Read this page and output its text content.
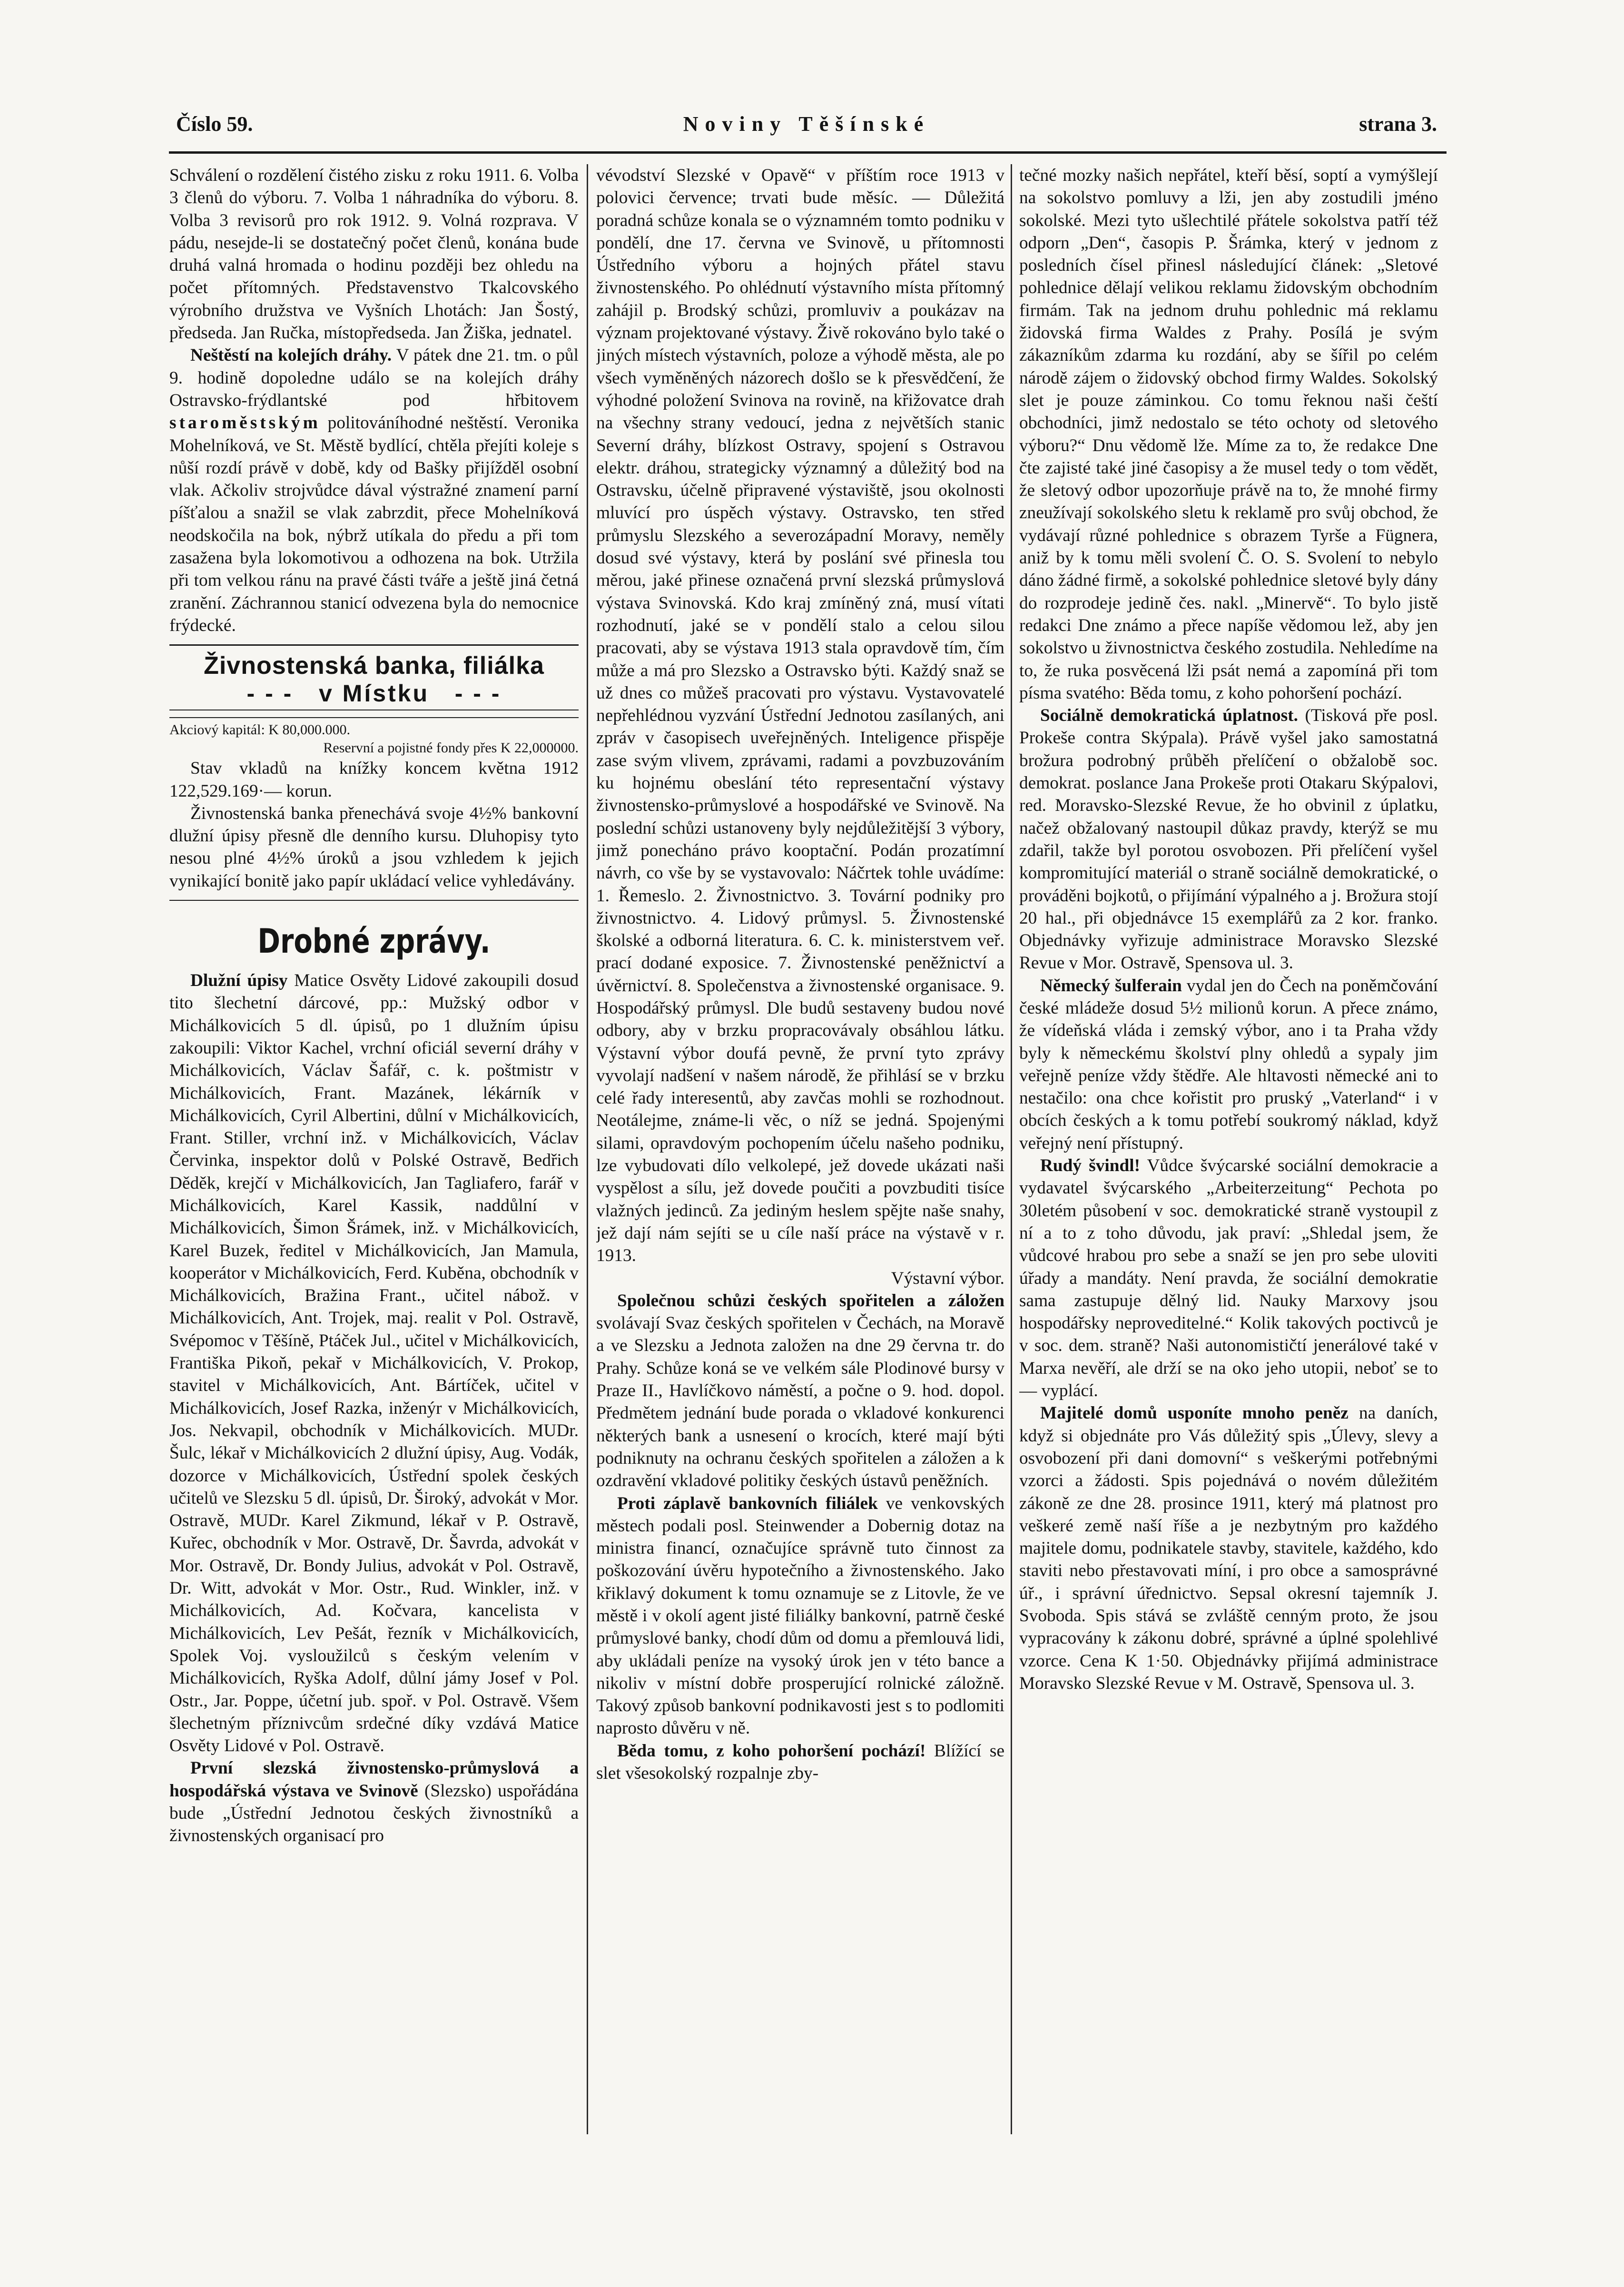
Číslo 59.	Noviny Těšínské	strana 3.

Schválení o rozdělení čistého zisku z roku 1911. 6. Volba 3 členů do výboru. 7. Volba 1 náhradníka do výboru. 8. Volba 3 revisorů pro rok 1912. 9. Volná rozprava. V pádu, nesejde-li se dostatečný počet členů, konána bude druhá valná hromada o hodinu později bez ohledu na počet přítomných. Představenstvo Tkalcovského výrobního družstva ve Vyšních Lhotách: Jan Šostý, předseda. Jan Ručka, místopředseda. Jan Žiška, jednatel.

Neštěstí na kolejích dráhy. V pátek dne 21. tm. o půl 9. hodině dopoledne událo se na kolejích dráhy Ostravsko-frýdlantské pod hřbitovem staroměstským politováníhodné neštěstí. Veronika Mohelníková, ve St. Městě bydlící, chtěla přejíti koleje s nůší rozdí právě v době, kdy od Bašky přijížděl osobní vlak. Ačkoliv strojvůdce dával výstražné znamení parní píšťalou a snažil se vlak zabrzdit, přece Mohelníková neodskočila na bok, nýbrž utíkala do předu a při tom zasažena byla lokomotivou a odhozena na bok. Utržila při tom velkou ránu na pravé části tváře a ještě jiná četná zranění. Záchrannou stanicí odvezena byla do nemocnice frýdecké.

Živnostenská banka, filiálka
- - - v Místku - - -

Akciový kapitál: K 80,000.000.

Reservní a pojistné fondy přes K 22,000000.

Stav vkladů na knížky koncem května 1912 122,529.169·— korun.

Živnostenská banka přenechává svoje 4½% bankovní dlužní úpisy přesně dle denního kursu. Dluhopisy tyto nesou plné 4½% úroků a jsou vzhledem k jejich vynikající bonitě jako papír ukládací velice vyhledávány.

Drobné zprávy.

Dlužní úpisy Matice Osvěty Lidové zakoupili dosud tito šlechetní dárcové, pp.: Mužský odbor v Michálkovicích 5 dl. úpisů, po 1 dlužním úpisu zakoupili: Viktor Kachel, vrchní oficiál severní dráhy v Michálkovicích, Václav Šafář, c. k. poštmistr v Michálkovicích, Frant. Mazánek, lékárník v Michálkovicích, Cyril Albertini, důlní v Michálkovicích, Frant. Stiller, vrchní inž. v Michálkovicích, Václav Červinka, inspektor dolů v Polské Ostravě, Bedřich Děděk, krejčí v Michálkovicích, Jan Tagliafero, farář v Michálkovicích, Karel Kassik, naddůlní v Michálkovicích, Šimon Šrámek, inž. v Michálkovicích, Karel Buzek, ředitel v Michálkovicích, Jan Mamula, kooperátor v Michálkovicích, Ferd. Kuběna, obchodník v Michálkovicích, Bražina Frant., učitel nábož. v Michálkovicích, Ant. Trojek, maj. realit v Pol. Ostravě, Svépomoc v Těšíně, Ptáček Jul., učitel v Michálkovicích, Františka Pikoň, pekař v Michálkovicích, V. Prokop, stavitel v Michálkovicích, Ant. Bártíček, učitel v Michálkovicích, Josef Razka, inženýr v Michálkovicích, Jos. Nekvapil, obchodník v Michálkovicích. MUDr. Šulc, lékař v Michálkovicích 2 dlužní úpisy, Aug. Vodák, dozorce v Michálkovicích, Ústřední spolek českých učitelů ve Slezsku 5 dl. úpisů, Dr. Široký, advokát v Mor. Ostravě, MUDr. Karel Zikmund, lékař v P. Ostravě, Kuřec, obchodník v Mor. Ostravě, Dr. Šavrda, advokát v Mor. Ostravě, Dr. Bondy Julius, advokát v Pol. Ostravě, Dr. Witt, advokát v Mor. Ostr., Rud. Winkler, inž. v Michálkovicích, Ad. Kočvara, kancelista v Michálkovicích, Lev Pešát, řezník v Michálkovicích, Spolek Voj. vysloužilců s českým velením v Michálkovicích, Ryška Adolf, důlní jámy Josef v Pol. Ostr., Jar. Poppe, účetní jub. spoř. v Pol. Ostravě. Všem šlechetným příznivcům srdečné díky vzdává Matice Osvěty Lidové v Pol. Ostravě.

První slezská živnostensko-průmyslová a hospodářská výstava ve Svinově (Slezsko) uspořádána bude „Ústřední Jednotou českých živnostníků a živnostenských organisací pro

vévodství Slezské v Opavě“ v příštím roce 1913 v polovici července; trvati bude měsíc. — Důležitá poradná schůze konala se o významném tomto podniku v pondělí, dne 17. června ve Svinově, u přítomnosti Ústředního výboru a hojných přátel stavu živnostenského. Po ohlédnutí výstavního místa přítomný zahájil p. Brodský schůzi, promluviv a poukázav na význam projektované výstavy. Živě rokováno bylo také o jiných místech výstavních, poloze a výhodě města, ale po všech vyměněných názorech došlo se k přesvědčení, že výhodné položení Svinova na rovině, na křižovatce drah na všechny strany vedoucí, jedna z největších stanic Severní dráhy, blízkost Ostravy, spojení s Ostravou elektr. dráhou, strategicky významný a důležitý bod na Ostravsku, účelně připravené výstaviště, jsou okolnosti mluvící pro úspěch výstavy. Ostravsko, ten střed průmyslu Slezského a severozápadní Moravy, neměly dosud své výstavy, která by poslání své přinesla tou měrou, jaké přinese označená první slezská průmyslová výstava Svinovská. Kdo kraj zmíněný zná, musí vítati rozhodnutí, jaké se v pondělí stalo a celou silou pracovati, aby se výstava 1913 stala opravdově tím, čím může a má pro Slezsko a Ostravsko býti. Každý snaž se už dnes co můžeš pracovati pro výstavu. Vystavovatelé nepřehlédnou vyzvání Ústřední Jednotou zasílaných, ani zpráv v časopisech uveřejněných. Inteligence přispěje zase svým vlivem, zprávami, radami a povzbuzováním ku hojnému obeslání této representační výstavy živnostensko-průmyslové a hospodářské ve Svinově. Na poslední schůzi ustanoveny byly nejdůležitější 3 výbory, jimž ponecháno právo kooptační. Podán prozatímní návrh, co vše by se vystavovalo: Náčrtek tohle uvádíme: 1. Řemeslo. 2. Živnostnictvo. 3. Tovární podniky pro živnostnictvo. 4. Lidový průmysl. 5. Živnostenské školské a odborná literatura. 6. C. k. ministerstvem veř. prací dodané exposice. 7. Živnostenské peněžnictví a úvěrnictví. 8. Společenstva a živnostenské organisace. 9. Hospodářský průmysl. Dle budů sestaveny budou nové odbory, aby v brzku propracovávaly obsáhlou látku. Výstavní výbor doufá pevně, že první tyto zprávy vyvolají nadšení v našem národě, že přihlásí se v brzku celé řady interesentů, aby zavčas mohli se rozhodnout. Neotálejme, známe-li věc, o níž se jedná. Spojenými silami, opravdovým pochopením účelu našeho podniku, lze vybudovati dílo velkolepé, jež dovede ukázati naši vyspělost a sílu, jež dovede poučiti a povzbuditi tisíce vlažných jedinců. Za jediným heslem spějte naše snahy, jež dají nám sejíti se u cíle naší práce na výstavě v r. 1913.

Výstavní výbor.

Společnou schůzi českých spořitelen a záložen svolávají Svaz českých spořitelen v Čechách, na Moravě a ve Slezsku a Jednota založen na dne 29 června tr. do Prahy. Schůze koná se ve velkém sále Plodinové bursy v Praze II., Havlíčkovo náměstí, a počne o 9. hod. dopol. Předmětem jednání bude porada o vkladové konkurenci některých bank a usnesení o krocích, které mají býti podniknuty na ochranu českých spořitelen a záložen a k ozdravění vkladové politiky českých ústavů peněžních.

Proti záplavě bankovních filiálek ve venkovských městech podali posl. Steinwender a Dobernig dotaz na ministra financí, označujíce správně tuto činnost za poškozování úvěru hypotečního a živnostenského. Jako křiklavý dokument k tomu oznamuje se z Litovle, že ve městě i v okolí agent jisté filiálky bankovní, patrně české průmyslové banky, chodí dům od domu a přemlouvá lidi, aby ukládali peníze na vysoký úrok jen v této bance a nikoliv v místní dobře prosperující rolnické záložně. Takový způsob bankovní podnikavosti jest s to podlomiti naprosto důvěru v ně.

Běda tomu, z koho pohoršení pochází! Blížící se slet všesokolský rozpalnje zby-

tečné mozky našich nepřátel, kteří běsí, soptí a vymýšlejí na sokolstvo pomluvy a lži, jen aby zostudili jméno sokolské. Mezi tyto ušlechtilé přátele sokolstva patří též odporn „Den“, časopis P. Šrámka, který v jednom z posledních čísel přinesl následující článek: „Sletové pohlednice dělají velikou reklamu židovským obchodním firmám. Tak na jednom druhu pohlednic má reklamu židovská firma Waldes z Prahy. Posílá je svým zákazníkům zdarma ku rozdání, aby se šířil po celém národě zájem o židovský obchod firmy Waldes. Sokolský slet je pouze záminkou. Co tomu řeknou naši čeští obchodníci, jimž nedostalo se této ochoty od sletového výboru?“ Dnu vědomě lže. Míme za to, že redakce Dne čte zajisté také jiné časopisy a že musel tedy o tom vědět, že sletový odbor upozorňuje právě na to, že mnohé firmy zneužívají sokolského sletu k reklamě pro svůj obchod, že vydávají různé pohlednice s obrazem Tyrše a Fügnera, aniž by k tomu měli svolení Č. O. S. Svolení to nebylo dáno žádné firmě, a sokolské pohlednice sletové byly dány do rozprodeje jedině čes. nakl. „Minervě“. To bylo jistě redakci Dne známo a přece napíše vědomou lež, aby jen sokolstvo u živnostnictva českého zostudila. Nehledíme na to, že ruka posvěcená lži psát nemá a zapomíná při tom písma svatého: Běda tomu, z koho pohoršení pochází.

Sociálně demokratická úplatnost. (Tisková pře posl. Prokeše contra Skýpala). Právě vyšel jako samostatná brožura podrobný průběh přelíčení o obžalobě soc. demokrat. poslance Jana Prokeše proti Otakaru Skýpalovi, red. Moravsko-Slezské Revue, že ho obvinil z úplatku, načež obžalovaný nastoupil důkaz pravdy, kterýž se mu zdařil, takže byl porotou osvobozen. Při přelíčení vyšel kompromitující materiál o straně sociálně demokratické, o prováděni bojkotů, o přijímání výpalného a j. Brožura stojí 20 hal., při objednávce 15 exemplářů za 2 kor. franko. Objednávky vyřizuje administrace Moravsko Slezské Revue v Mor. Ostravě, Spensova ul. 3.

Německý šulferain vydal jen do Čech na poněmčování české mládeže dosud 5½ milionů korun. A přece známo, že vídeňská vláda i zemský výbor, ano i ta Praha vždy byly k německému školství plny ohledů a sypaly jim veřejně peníze vždy štědře. Ale hltavosti německé ani to nestačilo: ona chce kořistit pro pruský „Vaterland“ i v obcích českých a k tomu potřebí soukromý náklad, když veřejný není přístupný.

Rudý švindl! Vůdce švýcarské sociální demokracie a vydavatel švýcarského „Arbeiterzeitung“ Pechota po 30letém působení v soc. demokratické straně vystoupil z ní a to z toho důvodu, jak praví: „Shledal jsem, že vůdcové hrabou pro sebe a snaží se jen pro sebe uloviti úřady a mandáty. Není pravda, že sociální demokratie sama zastupuje dělný lid. Nauky Marxovy jsou hospodářsky neproveditelné.“ Kolik takových poctivců je v soc. dem. straně? Naši autonomističtí jenerálové také v Marxa nevěří, ale drží se na oko jeho utopii, neboť se to — vyplácí.

Majitelé domů usponíte mnoho peněz na daních, když si objednáte pro Vás důležitý spis „Úlevy, slevy a osvobození při dani domovní“ s veškerými potřebnými vzorci a žádosti. Spis pojednává o novém důležitém zákoně ze dne 28. prosince 1911, který má platnost pro veškeré země naší říše a je nezbytným pro každého majitele domu, podnikatele stavby, stavitele, každého, kdo staviti nebo přestavovati míní, i pro obce a samosprávné úř., i správní úřednictvo. Sepsal okresní tajemník J. Svoboda. Spis stává se zvláště cenným proto, že jsou vypracovány k zákonu dobré, správné a úplné spolehlivé vzorce. Cena K 1·50. Objednávky přijímá administrace Moravsko Slezské Revue v M. Ostravě, Spensova ul. 3.
